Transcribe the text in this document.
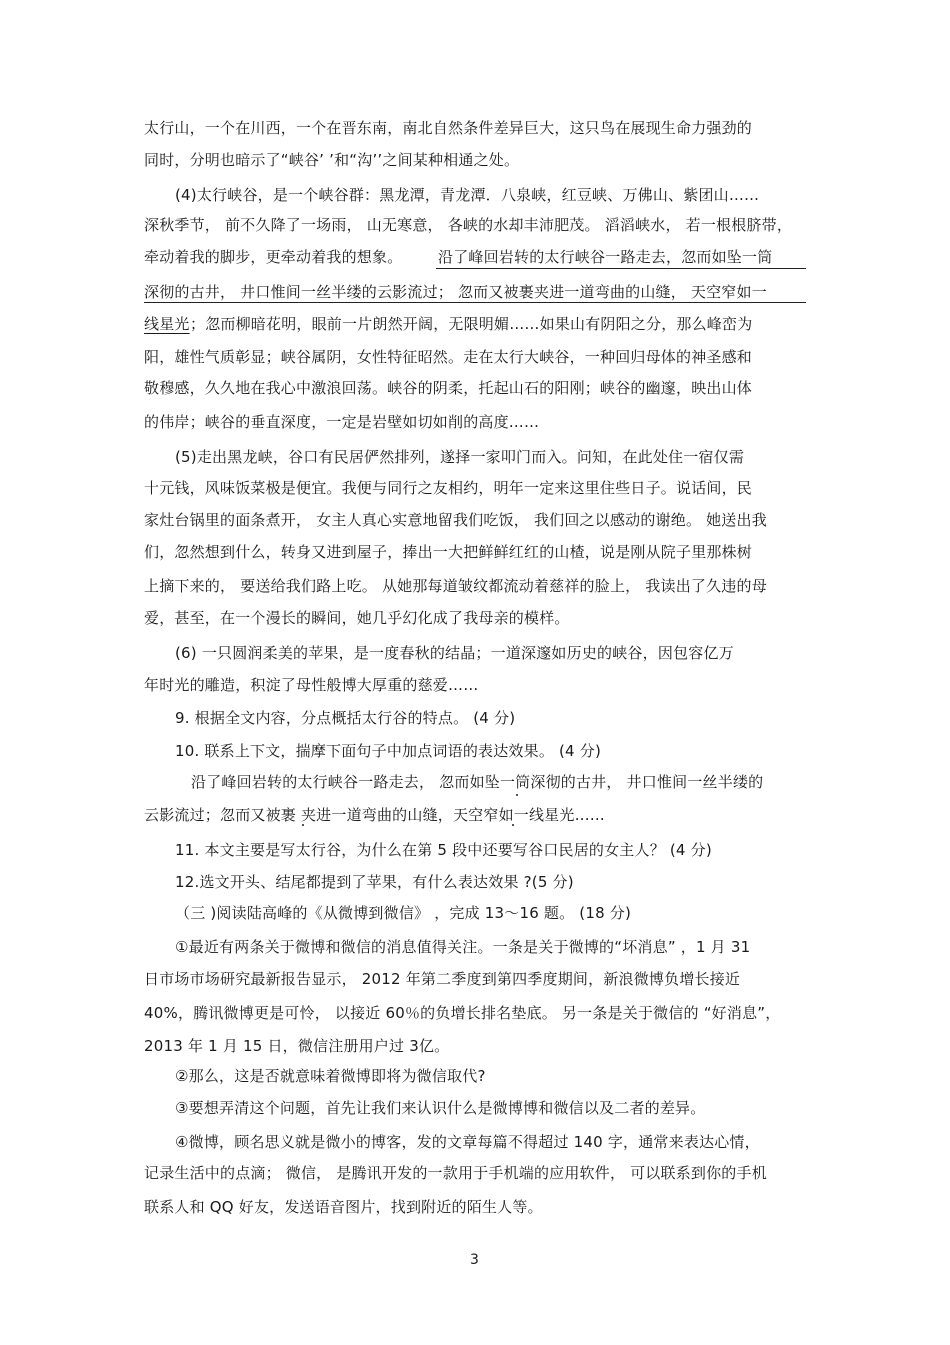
太行山，一个在川西，一个在晋东南，南北自然条件差异巨大，这只鸟在展现生命力强劲的
同时，分明也暗示了“峡谷’ ’和“沟’’之间某种相通之处。
(4)太行峡谷，是一个峡谷群：黑龙潭，青龙潭．八泉峡，红豆峡、万佛山、紫团山……
深秋季节， 前不久降了一场雨， 山无寒意， 各峡的水却丰沛肥茂。 滔滔峡水， 若一根根脐带，
牵动着我的脚步，更牵动着我的想象。 沿了峰回岩转的太行峡谷一路走去，忽而如坠一筒
深彻的古井， 井口惟间一丝半缕的云影流过； 忽而又被裹夹进一道弯曲的山缝， 天空窄如一
线星光 ；忽而柳暗花明，眼前一片朗然开阔，无限明媚……如果山有阴阳之分，那么峰峦为
阳，雄性气质彰显；峡谷属阴，女性特征昭然。走在太行大峡谷，一种回归母体的神圣感和
敬穆感，久久地在我心中激浪回荡。峡谷的阴柔，托起山石的阳刚；峡谷的幽邃，映出山体
的伟岸；峡谷的垂直深度，一定是岩壁如切如削的高度……
(5)走出黑龙峡，谷口有民居俨然排列，遂择一家叩门而入。问知，在此处住一宿仅需
十元钱，风味饭菜极是便宜。我便与同行之友相约，明年一定来这里住些日子。说话间，民
家灶台锅里的面条煮开， 女主人真心实意地留我们吃饭， 我们回之以感动的谢绝。 她送出我
们，忽然想到什么，转身又进到屋子，捧出一大把鲜鲜红红的山楂，说是刚从院子里那株树
上摘下来的， 要送给我们路上吃。 从她那每道皱纹都流动着慈祥的脸上， 我读出了久违的母
爱，甚至，在一个漫长的瞬间，她几乎幻化成了我母亲的模样。
(6) 一只圆润柔美的苹果，是一度春秋的结晶；一道深邃如历史的峡谷，因包容亿万
年时光的雕造，积淀了母性般博大厚重的慈爱……
9. 根据全文内容，分点概括太行谷的特点。 (4 分)
10. 联系上下文，揣摩下面句子中加点词语的表达效果。 (4 分)
沿了峰回岩转的太行峡谷一路走去， 忽而如坠一筒深彻的古井， 井口惟间一丝半缕的
云影流过；忽而又被裹 夹进一道弯曲的山缝，天空窄如一线星光……
11. 本文主要是写太行谷，为什么在第 5 段中还要写谷口民居的女主人？ (4 分)
12.选文开头、结尾都提到了苹果，有什么表达效果 ?(5 分)
（三 )阅读陆高峰的《从微博到微信》 ，完成 13～16 题。 (18 分)
①最近有两条关于微博和微信的消息值得关注。一条是关于微博的“坏消息” ，1 月 31
日市场市场研究最新报告显示， 2012 年第二季度到第四季度期间，新浪微博负增长接近
40%，腾讯微博更是可怜， 以接近 60％的负增长排名垫底。 另一条是关于微信的 “好消息”，
2013 年 1 月 15 日，微信注册用户过 3亿。
②那么，这是否就意味着微博即将为微信取代?
③要想弄清这个问题，首先让我们来认识什么是微博博和微信以及二者的差异。
④微博，顾名思义就是微小的博客，发的文章每篇不得超过 140 字，通常来表达心情，
记录生活中的点滴； 微信， 是腾讯开发的一款用于手机端的应用软件， 可以联系到你的手机
联系人和 QQ 好友，发送语音图片，找到附近的陌生人等。
3
